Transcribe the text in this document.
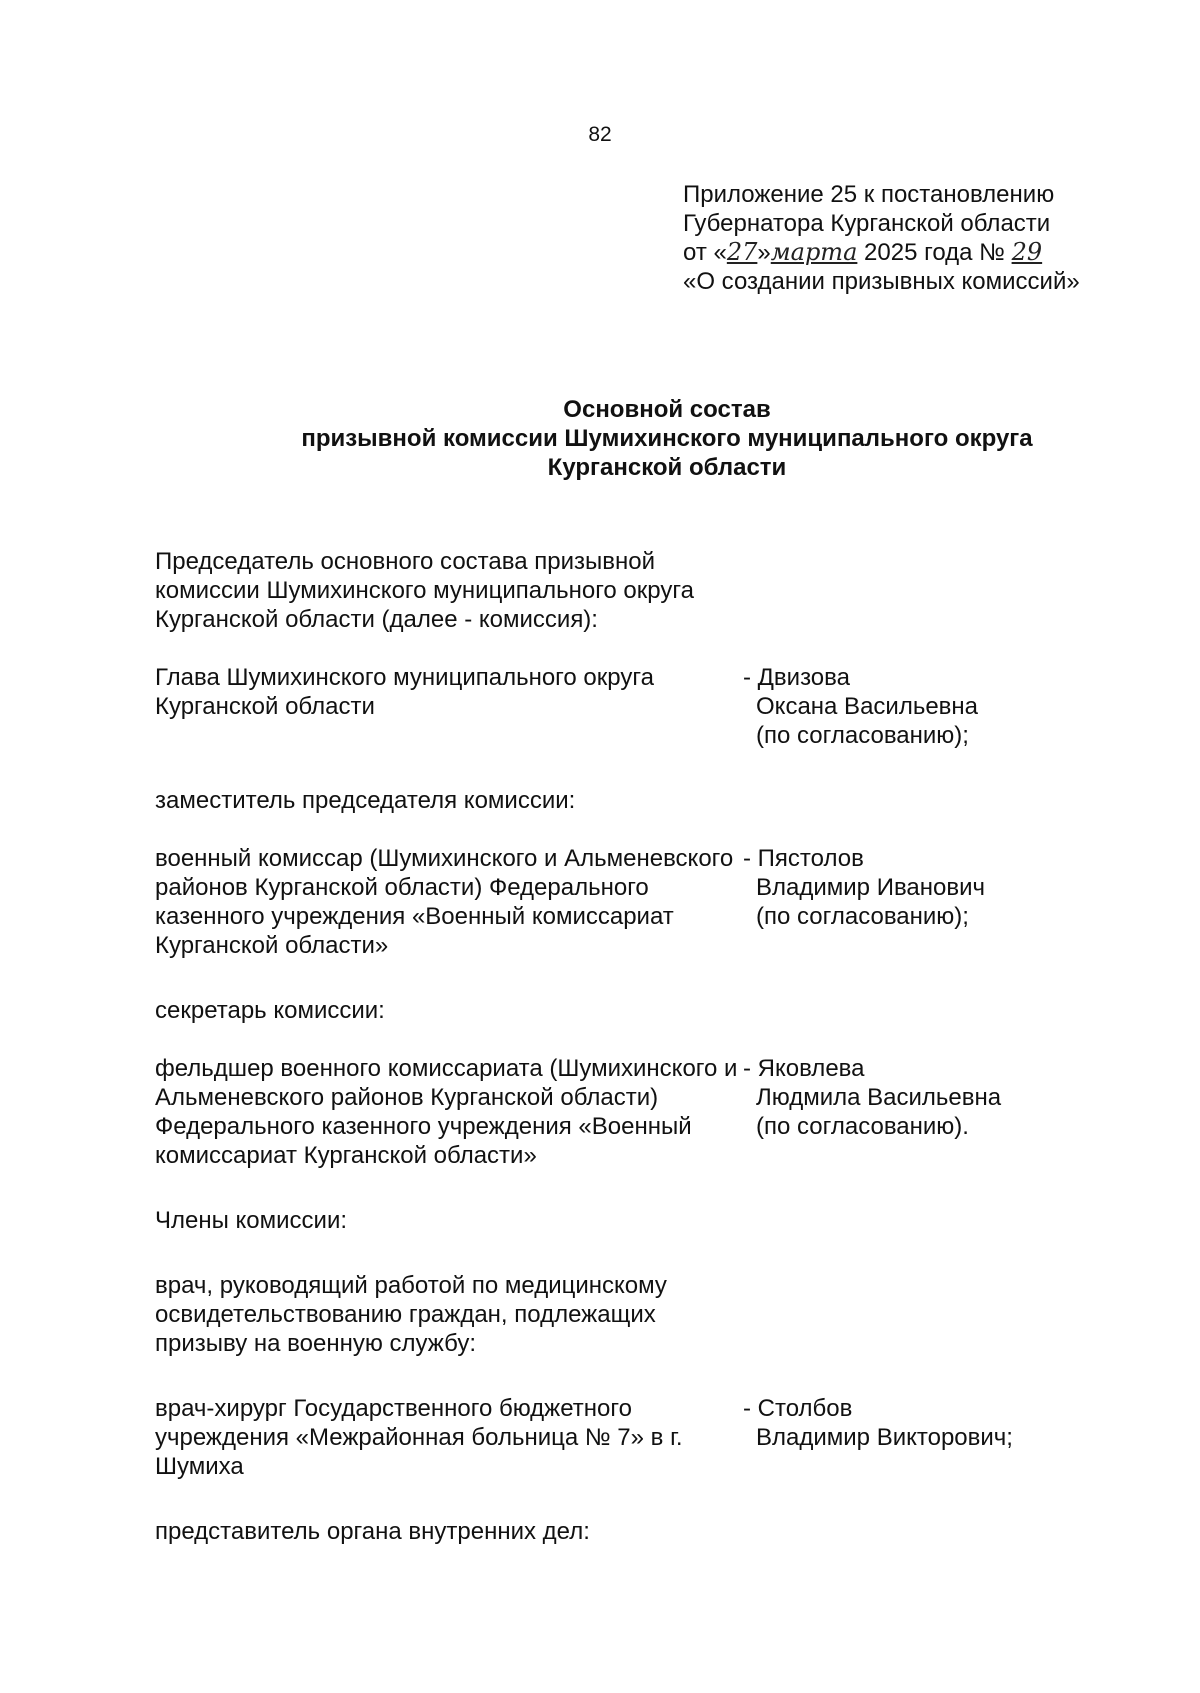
82
Приложение 25 к постановлению
Губернатора Курганской области
от «27»марта 2025 года № 29
«О создании призывных комиссий»
Основной состав
призывной комиссии Шумихинского муниципального округа
Курганской области
Председатель основного состава призывной комиссии Шумихинского муниципального округа Курганской области (далее - комиссия):
Глава Шумихинского муниципального округа Курганской области
- Двизова
Оксана Васильевна
(по согласованию);
заместитель председателя комиссии:
военный комиссар (Шумихинского и Альменевского районов Курганской области) Федерального казенного учреждения «Военный комиссариат Курганской области»
- Пястолов
Владимир Иванович
(по согласованию);
секретарь комиссии:
фельдшер военного комиссариата (Шумихинского и Альменевского районов Курганской области) Федерального казенного учреждения «Военный комиссариат Курганской области»
- Яковлева
Людмила Васильевна
(по согласованию).
Члены комиссии:
врач, руководящий работой по медицинскому освидетельствованию граждан, подлежащих призыву на военную службу:
врач-хирург Государственного бюджетного учреждения «Межрайонная больница № 7» в г. Шумиха
- Столбов
Владимир Викторович;
представитель органа внутренних дел:
